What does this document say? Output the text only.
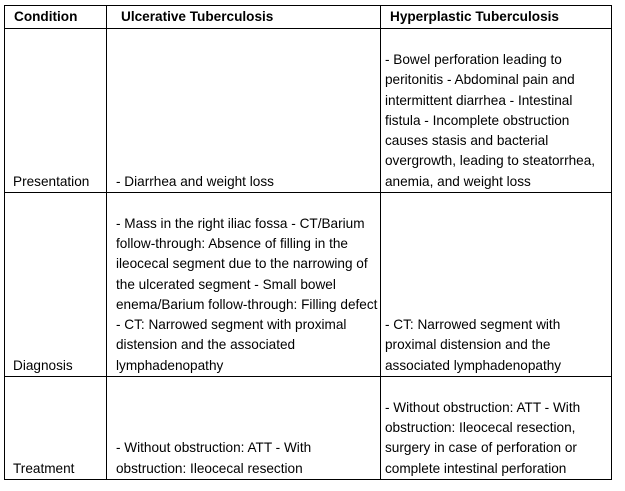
Condition	Ulcerative Tuberculosis	Hyperplastic Tuberculosis
Presentation	- Diarrhea and weight loss	- Bowel perforation leading to peritonitis - Abdominal pain and intermittent diarrhea - Intestinal fistula - Incomplete obstruction causes stasis and bacterial overgrowth, leading to steatorrhea, anemia, and weight loss
Diagnosis	- Mass in the right iliac fossa - CT/Barium follow-through: Absence of filling in the ileocecal segment due to the narrowing of the ulcerated segment - Small bowel enema/Barium follow-through: Filling defect - CT: Narrowed segment with proximal distension and the associated lymphadenopathy	- CT: Narrowed segment with proximal distension and the associated lymphadenopathy
Treatment	- Without obstruction: ATT - With obstruction: Ileocecal resection	- Without obstruction: ATT - With obstruction: Ileocecal resection, surgery in case of perforation or complete intestinal perforation
